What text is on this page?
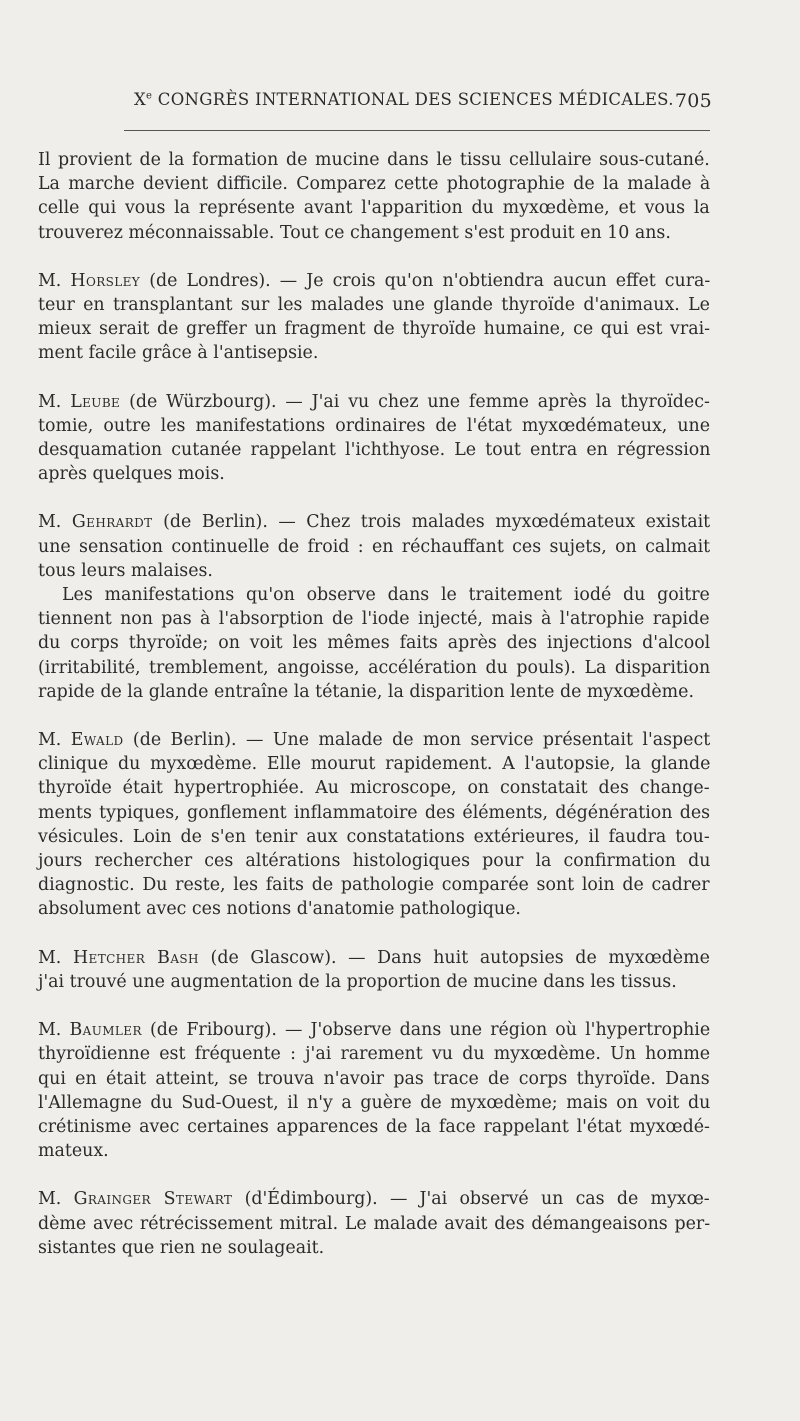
Xe CONGRÈS INTERNATIONAL DES SCIENCES MÉDICALES. 705
Il provient de la formation de mucine dans le tissu cellulaire sous-cutané.
La marche devient difficile. Comparez cette photographie de la malade à
celle qui vous la représente avant l'apparition du myxœdème, et vous la
trouverez méconnaissable. Tout ce changement s'est produit en 10 ans.
M. Horsley (de Londres). — Je crois qu'on n'obtiendra aucun effet cura-
teur en transplantant sur les malades une glande thyroïde d'animaux. Le
mieux serait de greffer un fragment de thyroïde humaine, ce qui est vrai-
ment facile grâce à l'antisepsie.
M. Leube (de Würzbourg). — J'ai vu chez une femme après la thyroïdec-
tomie, outre les manifestations ordinaires de l'état myxœdémateux, une
desquamation cutanée rappelant l'ichthyose. Le tout entra en régression
après quelques mois.
M. Gehrardt (de Berlin). — Chez trois malades myxœdémateux existait
une sensation continuelle de froid : en réchauffant ces sujets, on calmait
tous leurs malaises.
Les manifestations qu'on observe dans le traitement iodé du goitre
tiennent non pas à l'absorption de l'iode injecté, mais à l'atrophie rapide
du corps thyroïde; on voit les mêmes faits après des injections d'alcool
(irritabilité, tremblement, angoisse, accélération du pouls). La disparition
rapide de la glande entraîne la tétanie, la disparition lente de myxœdème.
M. Ewald (de Berlin). — Une malade de mon service présentait l'aspect
clinique du myxœdème. Elle mourut rapidement. A l'autopsie, la glande
thyroïde était hypertrophiée. Au microscope, on constatait des change-
ments typiques, gonflement inflammatoire des éléments, dégénération des
vésicules. Loin de s'en tenir aux constatations extérieures, il faudra tou-
jours rechercher ces altérations histologiques pour la confirmation du
diagnostic. Du reste, les faits de pathologie comparée sont loin de cadrer
absolument avec ces notions d'anatomie pathologique.
M. Hetcher Bash (de Glascow). — Dans huit autopsies de myxœdème
j'ai trouvé une augmentation de la proportion de mucine dans les tissus.
M. Baumler (de Fribourg). — J'observe dans une région où l'hypertrophie
thyroïdienne est fréquente : j'ai rarement vu du myxœdème. Un homme
qui en était atteint, se trouva n'avoir pas trace de corps thyroïde. Dans
l'Allemagne du Sud-Ouest, il n'y a guère de myxœdème; mais on voit du
crétinisme avec certaines apparences de la face rappelant l'état myxœdé-
mateux.
M. Grainger Stewart (d'Édimbourg). — J'ai observé un cas de myxœ-
dème avec rétrécissement mitral. Le malade avait des démangeaisons per-
sistantes que rien ne soulageait.
